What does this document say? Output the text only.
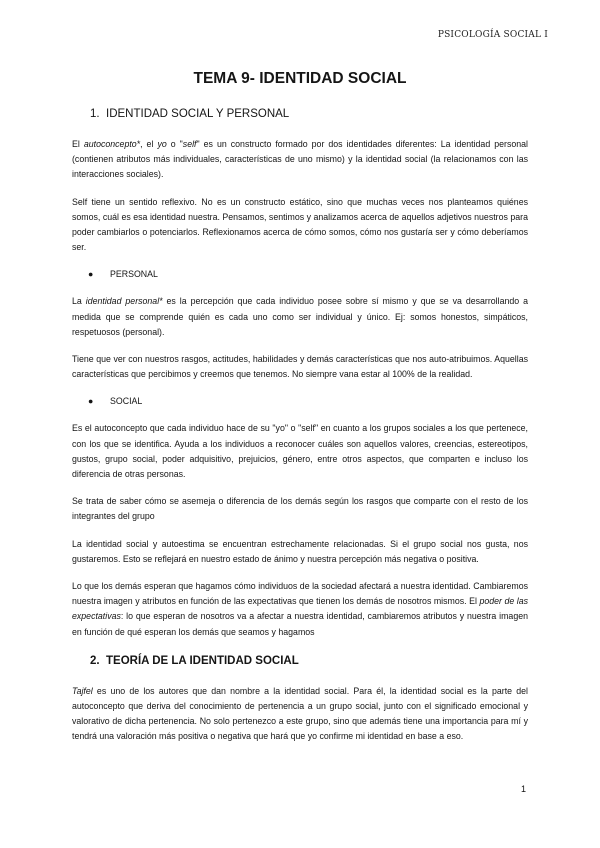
PSICOLOGÍA SOCIAL I
TEMA 9- IDENTIDAD SOCIAL
1. IDENTIDAD SOCIAL Y PERSONAL

El autoconcepto*, el yo o "self" es un constructo formado por dos identidades diferentes: La identidad personal (contienen atributos más individuales, características de uno mismo) y la identidad social (la relacionamos con las interacciones sociales).

Self tiene un sentido reflexivo. No es un constructo estático, sino que muchas veces nos planteamos quiénes somos, cuál es esa identidad nuestra. Pensamos, sentimos y analizamos acerca de aquellos adjetivos nuestros para poder cambiarlos o potenciarlos. Reflexionamos acerca de cómo somos, cómo nos gustaría ser y cómo deberíamos ser.

● PERSONAL

La identidad personal* es la percepción que cada individuo posee sobre sí mismo y que se va desarrollando a medida que se comprende quién es cada uno como ser individual y único. Ej: somos honestos, simpáticos, respetuosos (personal).

Tiene que ver con nuestros rasgos, actitudes, habilidades y demás características que nos auto-atribuimos. Aquellas características que percibimos y creemos que tenemos. No siempre vana estar al 100% de la realidad.

● SOCIAL

Es el autoconcepto que cada individuo hace de su "yo" o "self" en cuanto a los grupos sociales a los que pertenece, con los que se identifica. Ayuda a los individuos a reconocer cuáles son aquellos valores, creencias, estereotipos, gustos, grupo social, poder adquisitivo, prejuicios, género, entre otros aspectos, que comparten e incluso los diferencia de otras personas.

Se trata de saber cómo se asemeja o diferencia de los demás según los rasgos que comparte con el resto de los integrantes del grupo

La identidad social y autoestima se encuentran estrechamente relacionadas. Si el grupo social nos gusta, nos gustaremos. Esto se reflejará en nuestro estado de ánimo y nuestra percepción más negativa o positiva.

Lo que los demás esperan que hagamos cómo individuos de la sociedad afectará a nuestra identidad. Cambiaremos nuestra imagen y atributos en función de las expectativas que tienen los demás de nosotros mismos. El poder de las expectativas: lo que esperan de nosotros va a afectar a nuestra identidad, cambiaremos atributos y nuestra imagen en función de qué esperan los demás que seamos y hagamos

2. TEORÍA DE LA IDENTIDAD SOCIAL

Tajfel es uno de los autores que dan nombre a la identidad social. Para él, la identidad social es la parte del autoconcepto que deriva del conocimiento de pertenencia a un grupo social, junto con el significado emocional y valorativo de dicha pertenencia. No solo pertenezco a este grupo, sino que además tiene una importancia para mí y tendrá una valoración más positiva o negativa que hará que yo confirme mi identidad en base a eso.

1
